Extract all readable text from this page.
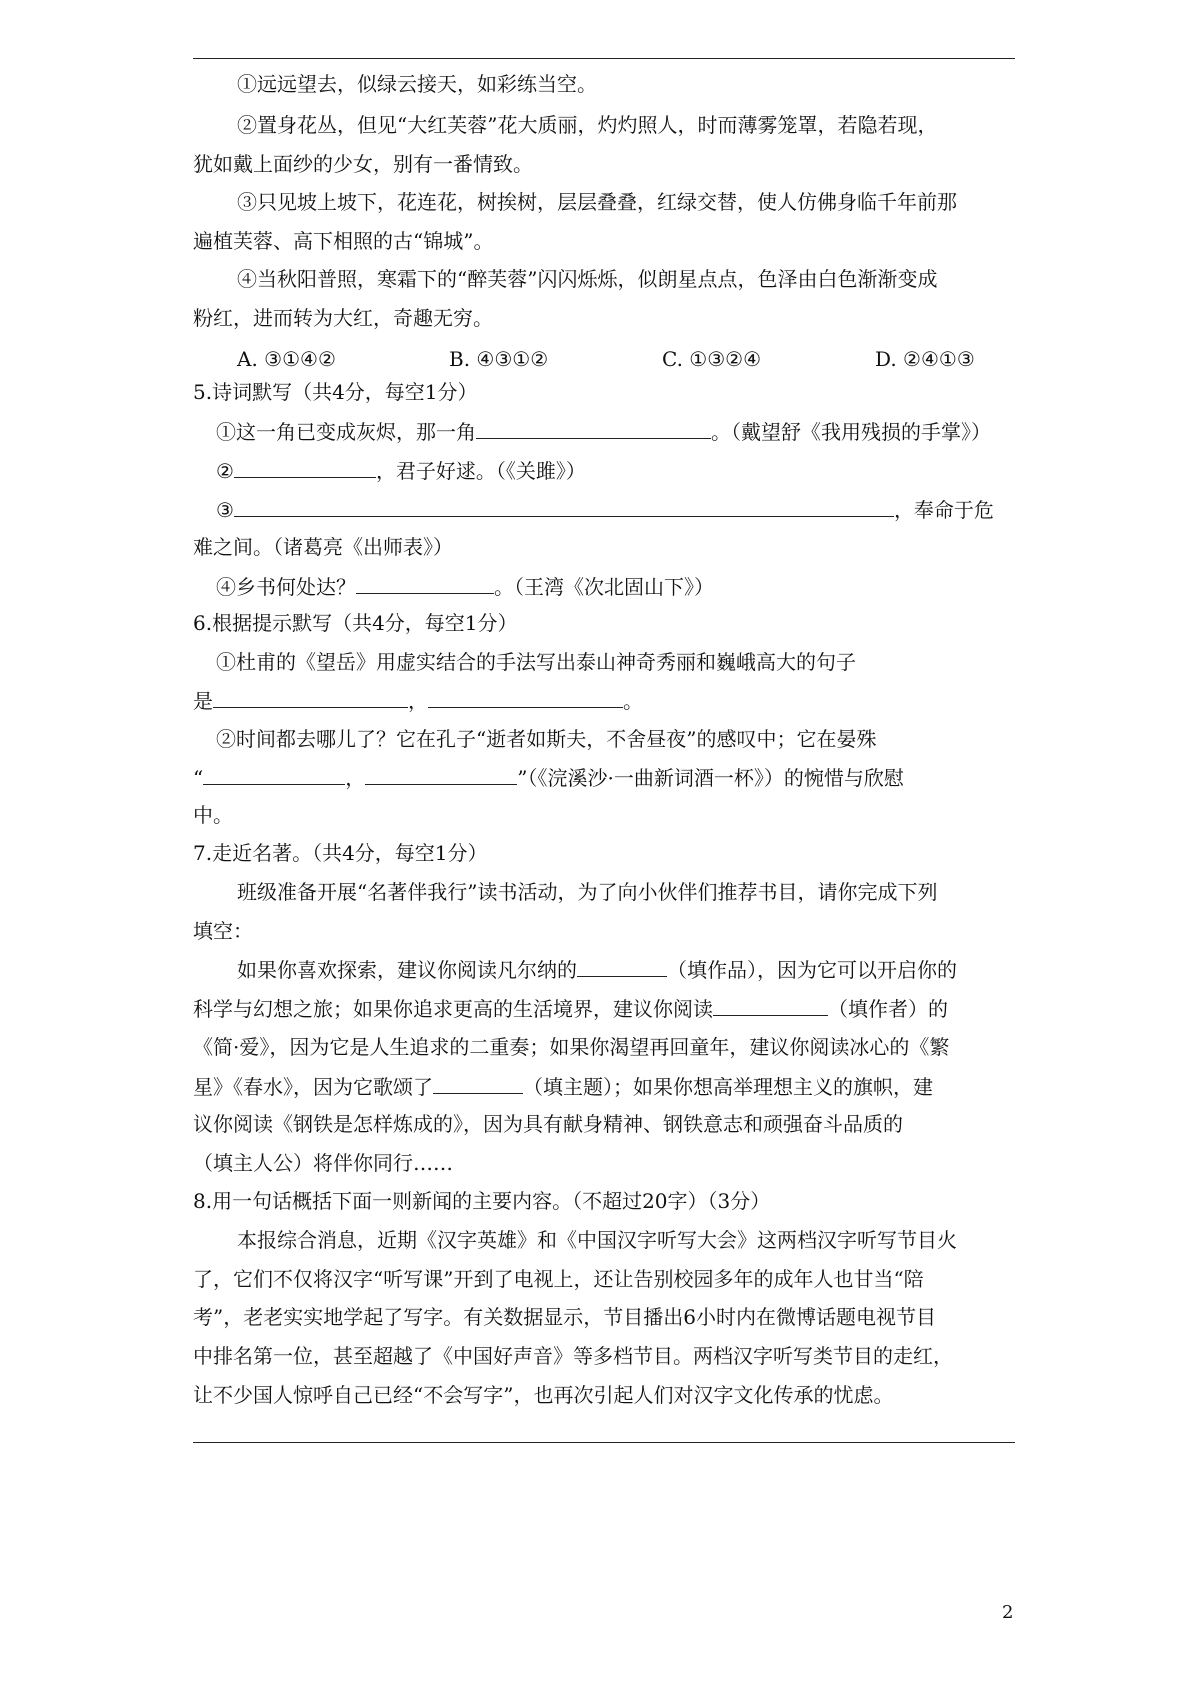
①远远望去，似绿云接天，如彩练当空。
②置身花丛，但见“大红芙蓉”花大质丽，灼灼照人，时而薄雾笼罩，若隐若现，
犹如戴上面纱的少女，别有一番情致。
③只见坡上坡下，花连花，树挨树，层层叠叠，红绿交替，使人仿佛身临千年前那
遍植芙蓉、高下相照的古“锦城”。
④当秋阳普照，寒霜下的“醉芙蓉”闪闪烁烁，似朗星点点，色泽由白色渐渐变成
粉红，进而转为大红，奇趣无穷。
A. ③①④②	B. ④③①②	C. ①③②④	D. ②④①③
5.诗词默写（共4分，每空1分）
①这一角已变成灰烬，那一角	。（戴望舒《我用残损的手掌》）
②	，君子好逑。（《关雎》）
③	，奉命于危
难之间。（诸葛亮《出师表》）
④乡书何处达？	。（王湾《次北固山下》）
6.根据提示默写（共4分，每空1分）
①杜甫的《望岳》用虚实结合的手法写出泰山神奇秀丽和巍峨高大的句子
是	，	。
②时间都去哪儿了？它在孔子“逝者如斯夫，不舍昼夜”的感叹中；它在晏殊
“	，	”（《浣溪沙·一曲新词酒一杯》）的惋惜与欣慰
中。
7.走近名著。（共4分，每空1分）
班级准备开展“名著伴我行”读书活动，为了向小伙伴们推荐书目，请你完成下列
填空：
如果你喜欢探索，建议你阅读凡尔纳的	（填作品），因为它可以开启你的
科学与幻想之旅；如果你追求更高的生活境界，建议你阅读	（填作者）的
《简·爱》，因为它是人生追求的二重奏；如果你渴望再回童年，建议你阅读冰心的《繁
星》《春水》，因为它歌颂了	（填主题）；如果你想高举理想主义的旗帜，建
议你阅读《钢铁是怎样炼成的》，因为具有献身精神、钢铁意志和顽强奋斗品质的
（填主人公）将伴你同行……
8.用一句话概括下面一则新闻的主要内容。（不超过20字）（3分）
本报综合消息，近期《汉字英雄》和《中国汉字听写大会》这两档汉字听写节目火
了，它们不仅将汉字“听写课”开到了电视上，还让告别校园多年的成年人也甘当“陪
考”，老老实实地学起了写字。有关数据显示，节目播出6小时内在微博话题电视节目
中排名第一位，甚至超越了《中国好声音》等多档节目。两档汉字听写类节目的走红，
让不少国人惊呼自己已经“不会写字”，也再次引起人们对汉字文化传承的忧虑。
2
